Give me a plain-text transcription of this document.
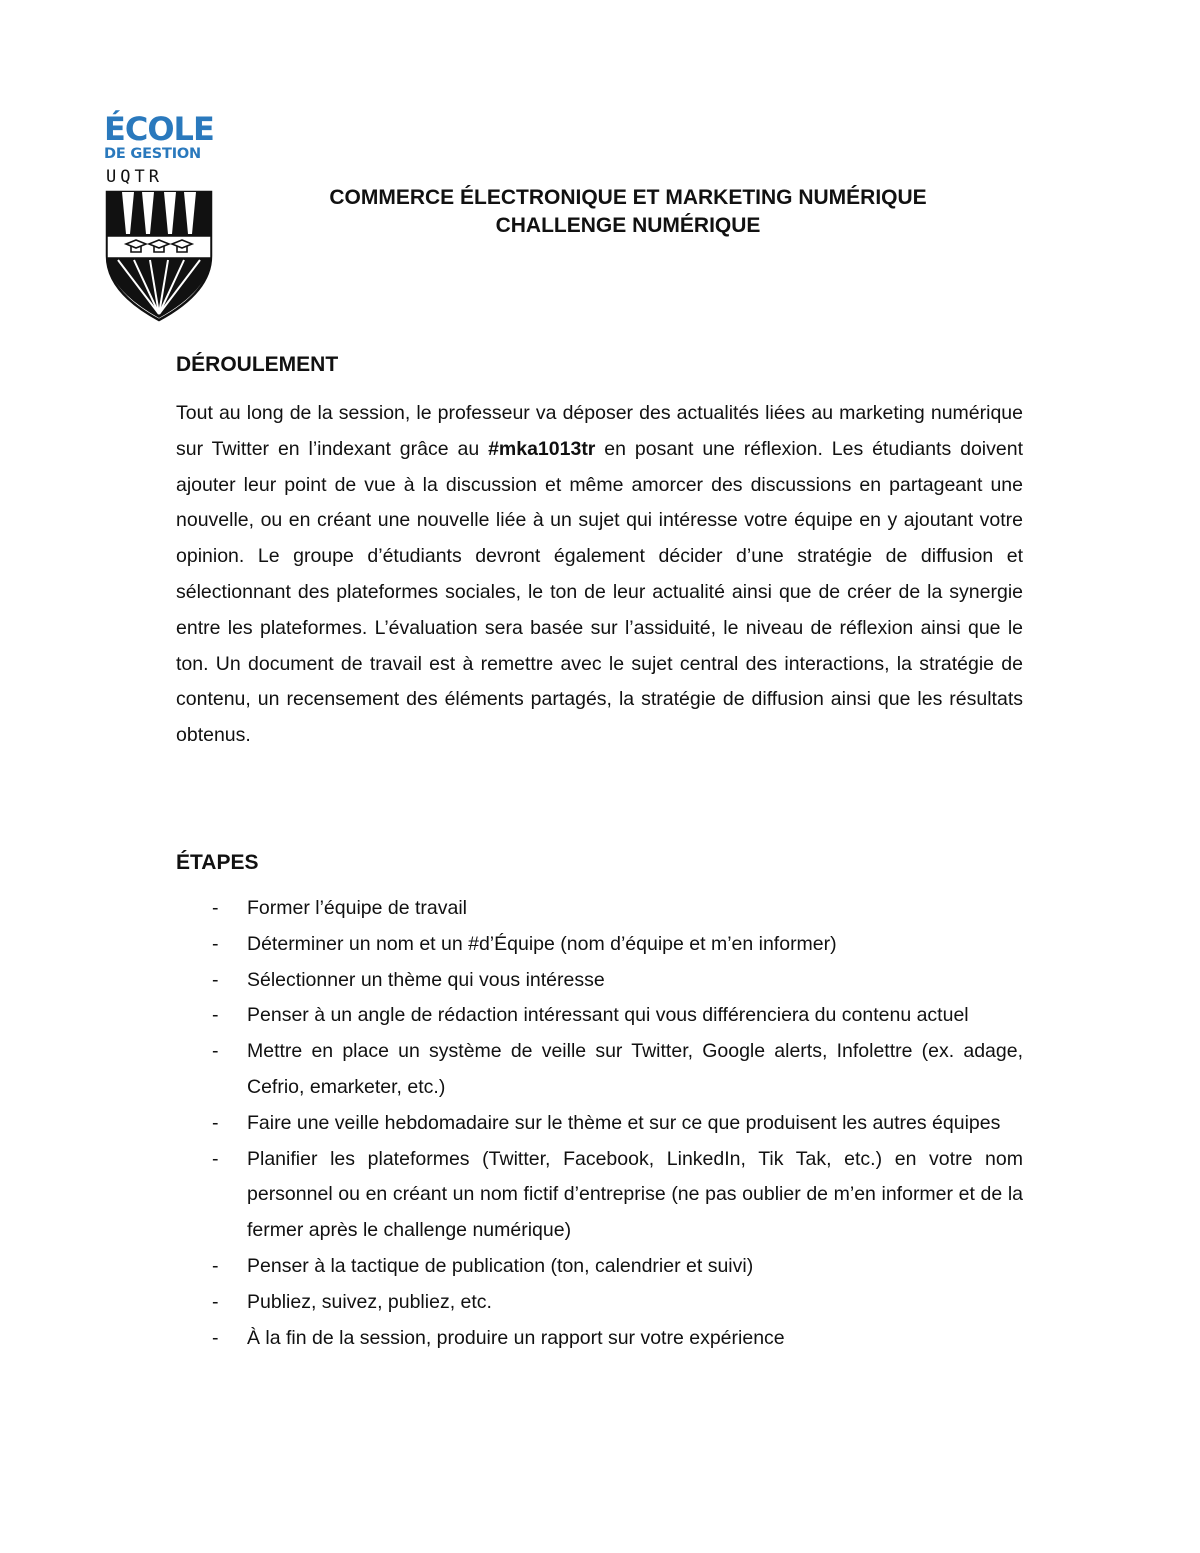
ÉCOLE
DE GESTION
UQTR
COMMERCE ÉLECTRONIQUE ET MARKETING NUMÉRIQUE
CHALLENGE NUMÉRIQUE
DÉROULEMENT

Tout au long de la session, le professeur va déposer des actualités liées au marketing numérique sur Twitter en l’indexant grâce au #mka1013tr en posant une réflexion. Les étudiants doivent ajouter leur point de vue à la discussion et même amorcer des discussions en partageant une nouvelle, ou en créant une nouvelle liée à un sujet qui intéresse votre équipe en y ajoutant votre opinion. Le groupe d’étudiants devront également décider d’une stratégie de diffusion et sélectionnant des plateformes sociales, le ton de leur actualité ainsi que de créer de la synergie entre les plateformes. L’évaluation sera basée sur l’assiduité, le niveau de réflexion ainsi que le ton. Un document de travail est à remettre avec le sujet central des interactions, la stratégie de contenu, un recensement des éléments partagés, la stratégie de diffusion ainsi que les résultats obtenus.

ÉTAPES
- Former l’équipe de travail
- Déterminer un nom et un #d’Équipe (nom d’équipe et m’en informer)
- Sélectionner un thème qui vous intéresse
- Penser à un angle de rédaction intéressant qui vous différenciera du contenu actuel
- Mettre en place un système de veille sur Twitter, Google alerts, Infolettre (ex. adage, Cefrio, emarketer, etc.)
- Faire une veille hebdomadaire sur le thème et sur ce que produisent les autres équipes
- Planifier les plateformes (Twitter, Facebook, LinkedIn, Tik Tak, etc.) en votre nom personnel ou en créant un nom fictif d’entreprise (ne pas oublier de m’en informer et de la fermer après le challenge numérique)
- Penser à la tactique de publication (ton, calendrier et suivi)
- Publiez, suivez, publiez, etc.
- À la fin de la session, produire un rapport sur votre expérience
